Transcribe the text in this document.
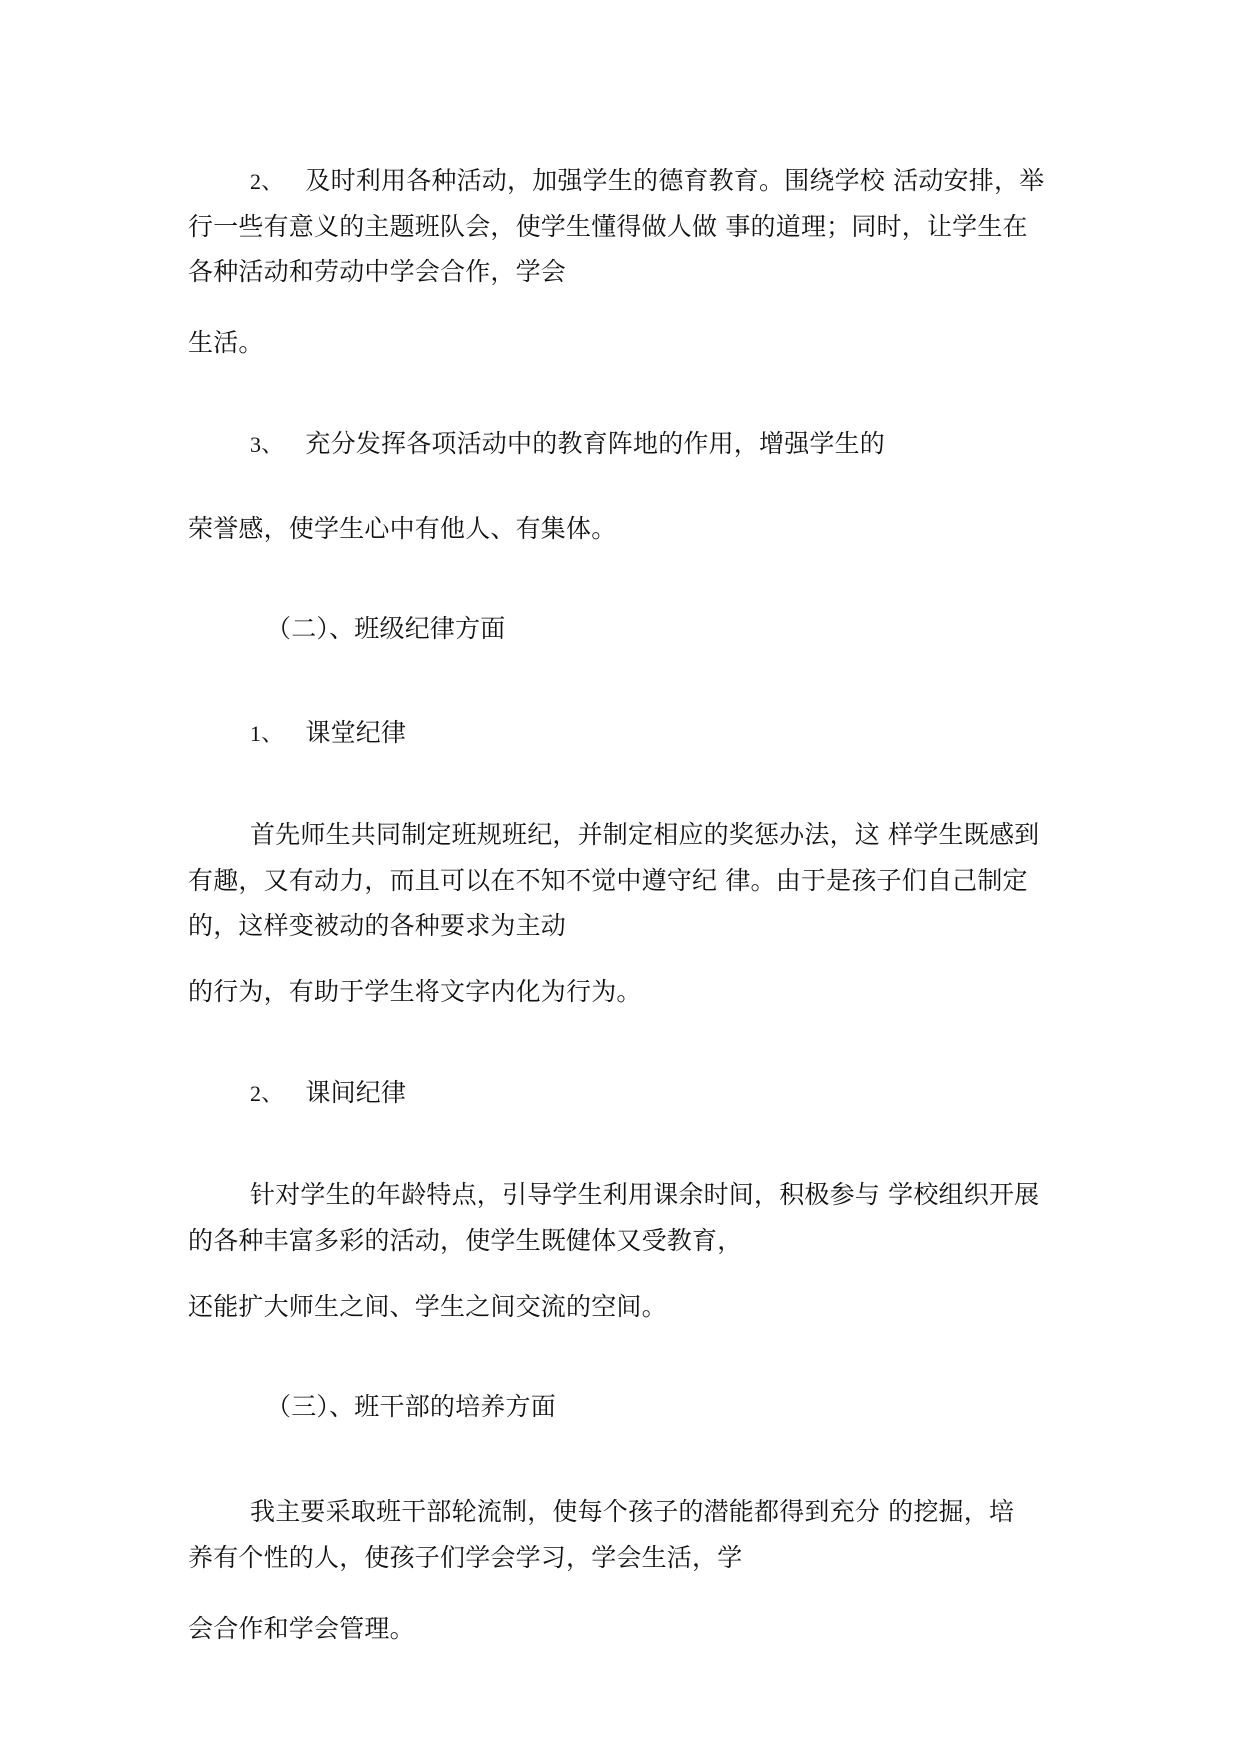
2、 及时利用各种活动，加强学生的德育教育。围绕学校 活动安排，举
行一些有意义的主题班队会，使学生懂得做人做 事的道理；同时，让学生在
各种活动和劳动中学会合作，学会
生活。
3、 充分发挥各项活动中的教育阵地的作用，增强学生的
荣誉感，使学生心中有他人、有集体。
（二）、班级纪律方面
1、 课堂纪律
首先师生共同制定班规班纪，并制定相应的奖惩办法，这 样学生既感到
有趣，又有动力，而且可以在不知不觉中遵守纪 律。由于是孩子们自己制定
的，这样变被动的各种要求为主动
的行为，有助于学生将文字内化为行为。
2、 课间纪律
针对学生的年龄特点，引导学生利用课余时间，积极参与 学校组织开展
的各种丰富多彩的活动，使学生既健体又受教育，
还能扩大师生之间、学生之间交流的空间。
（三）、班干部的培养方面
我主要采取班干部轮流制，使每个孩子的潜能都得到充分 的挖掘，培
养有个性的人，使孩子们学会学习，学会生活，学
会合作和学会管理。
